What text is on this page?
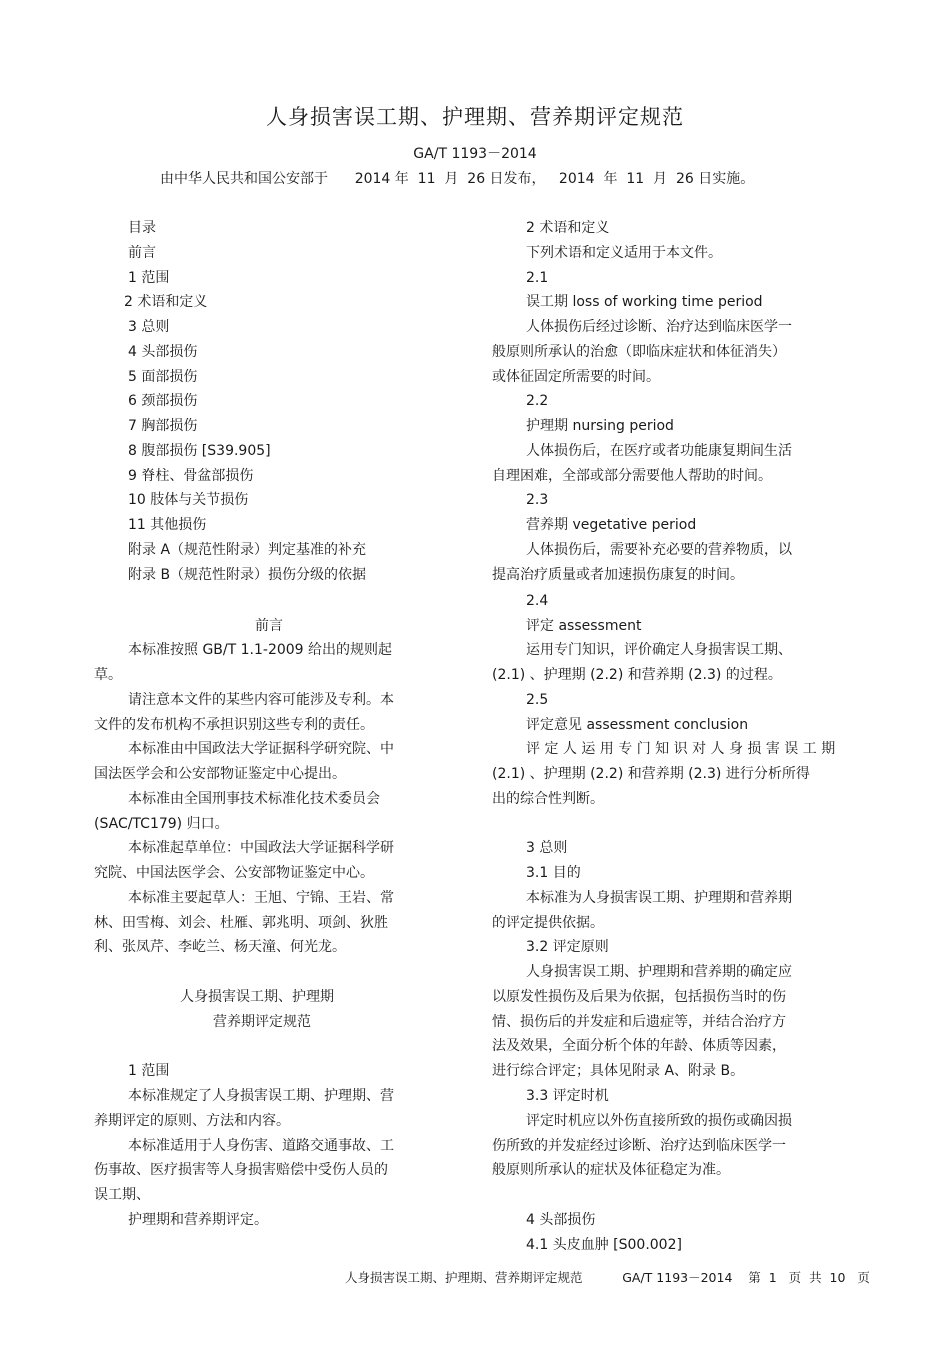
人身损害误工期、护理期、营养期评定规范
GA/T 1193－2014
由中华人民共和国公安部于      2014 年  11  月  26 日发布，   2014  年  11  月  26 日实施。
目录
前言
1 范围
2 术语和定义
3 总则
4 头部损伤
5 面部损伤
6 颈部损伤
7 胸部损伤
8 腹部损伤 [S39.905]
9 脊柱、骨盆部损伤
10 肢体与关节损伤
11 其他损伤
附录 A（规范性附录）判定基准的补充
附录 B（规范性附录）损伤分级的依据
前言
本标准按照 GB/T 1.1-2009 给出的规则起
草。
请注意本文件的某些内容可能涉及专利。本
文件的发布机构不承担识别这些专利的责任。
本标准由中国政法大学证据科学研究院、中
国法医学会和公安部物证鉴定中心提出。
本标准由全国刑事技术标准化技术委员会
(SAC/TC179) 归口。
本标准起草单位：中国政法大学证据科学研
究院、中国法医学会、公安部物证鉴定中心。
本标准主要起草人：王旭、宁锦、王岩、常
林、田雪梅、刘会、杜雁、郭兆明、项剑、狄胜
利、张凤芹、李屹兰、杨天潼、何光龙。
人身损害误工期、护理期
营养期评定规范
1 范围
本标准规定了人身损害误工期、护理期、营
养期评定的原则、方法和内容。
本标准适用于人身伤害、道路交通事故、工
伤事故、医疗损害等人身损害赔偿中受伤人员的
误工期、
护理期和营养期评定。
2 术语和定义
下列术语和定义适用于本文件。
2.1
误工期 loss of working time period
人体损伤后经过诊断、治疗达到临床医学一
般原则所承认的治愈（即临床症状和体征消失）
或体征固定所需要的时间。
2.2
护理期 nursing period
人体损伤后，在医疗或者功能康复期间生活
自理困难，全部或部分需要他人帮助的时间。
2.3
营养期 vegetative period
人体损伤后，需要补充必要的营养物质，以
提高治疗质量或者加速损伤康复的时间。
2.4
评定 assessment
运用专门知识，评价确定人身损害误工期、
(2.1) 、护理期 (2.2) 和营养期 (2.3) 的过程。
2.5
评定意见 assessment conclusion
评 定 人 运 用 专 门 知 识 对 人 身 损 害 误 工 期
(2.1) 、护理期 (2.2) 和营养期 (2.3) 进行分析所得
出的综合性判断。
3 总则
3.1 目的
本标准为人身损害误工期、护理期和营养期
的评定提供依据。
3.2 评定原则
人身损害误工期、护理期和营养期的确定应
以原发性损伤及后果为依据，包括损伤当时的伤
情、损伤后的并发症和后遗症等，并结合治疗方
法及效果，全面分析个体的年龄、体质等因素，
进行综合评定；具体见附录 A、附录 B。
3.3 评定时机
评定时机应以外伤直接所致的损伤或确因损
伤所致的并发症经过诊断、治疗达到临床医学一
般原则所承认的症状及体征稳定为准。
4 头部损伤
4.1 头皮血肿 [S00.002]
人身损害误工期、护理期、营养期评定规范          GA/T 1193－2014    第  1   页  共  10   页
